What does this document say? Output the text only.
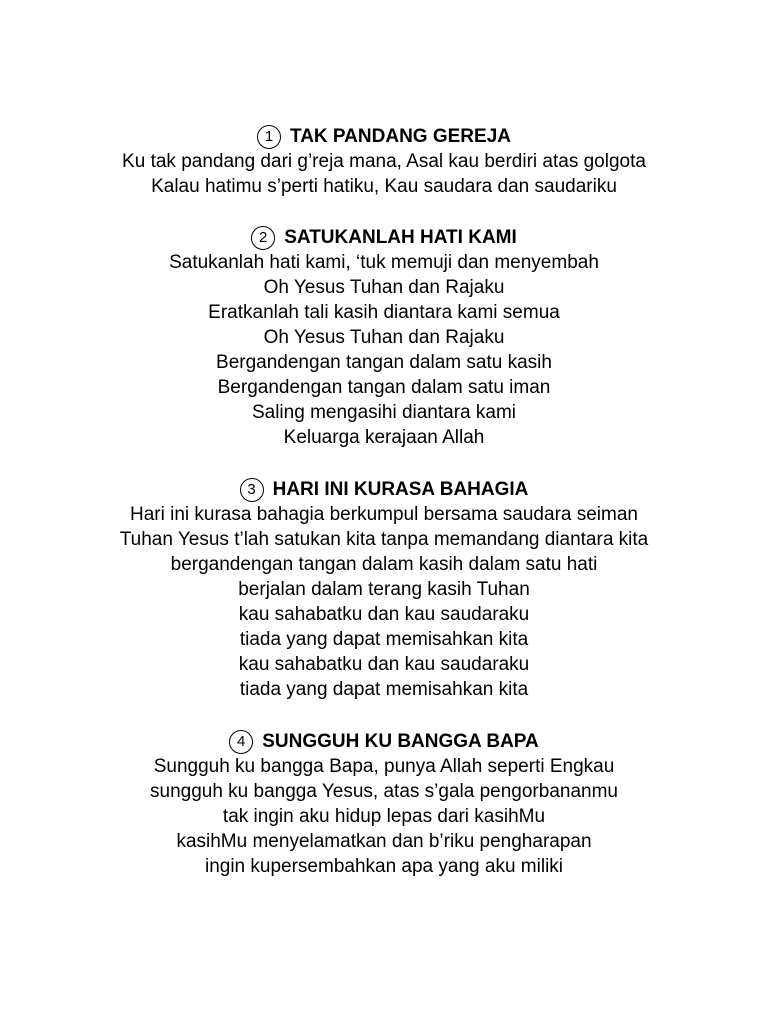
1 TAK PANDANG GEREJA
Ku tak pandang dari g’reja mana, Asal kau berdiri atas golgota
Kalau hatimu s’perti hatiku, Kau saudara dan saudariku
2 SATUKANLAH HATI KAMI
Satukanlah hati kami, ‘tuk memuji dan menyembah
Oh Yesus Tuhan dan Rajaku
Eratkanlah tali kasih diantara kami semua
Oh Yesus Tuhan dan Rajaku
Bergandengan tangan dalam satu kasih
Bergandengan tangan dalam satu iman
Saling mengasihi diantara kami
Keluarga kerajaan Allah
3 HARI INI KURASA BAHAGIA
Hari ini kurasa bahagia berkumpul bersama saudara seiman
Tuhan Yesus t’lah satukan kita tanpa memandang diantara kita
bergandengan tangan dalam kasih dalam satu hati
berjalan dalam terang kasih Tuhan
kau sahabatku dan kau saudaraku
tiada yang dapat memisahkan kita
kau sahabatku dan kau saudaraku
tiada yang dapat memisahkan kita
4 SUNGGUH KU BANGGA BAPA
Sungguh ku bangga Bapa, punya Allah seperti Engkau
sungguh ku bangga Yesus, atas s’gala pengorbananmu
tak ingin aku hidup lepas dari kasihMu
kasihMu menyelamatkan dan b’riku pengharapan
ingin kupersembahkan apa yang aku miliki
